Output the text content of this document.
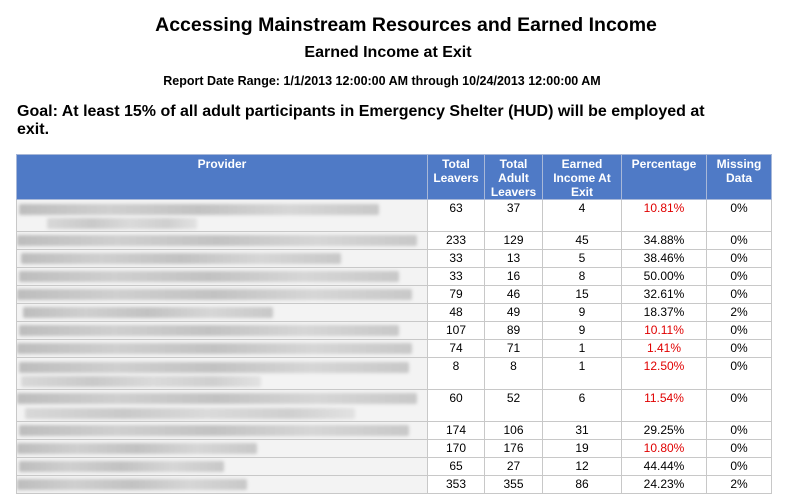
Accessing Mainstream Resources and Earned Income
Earned Income at Exit
Report Date Range: 1/1/2013 12:00:00 AM through 10/24/2013 12:00:00 AM
Goal: At least 15% of all adult participants in Emergency Shelter (HUD) will be employed at exit.
Provider	Total Leavers	Total Adult Leavers	Earned Income At Exit	Percentage	Missing Data

	63	37	4	10.81%	0%

	233	129	45	34.88%	0%

	33	13	5	38.46%	0%

	33	16	8	50.00%	0%

	79	46	15	32.61%	0%

	48	49	9	18.37%	2%

	107	89	9	10.11%	0%

	74	71	1	1.41%	0%

	8	8	1	12.50%	0%

	60	52	6	11.54%	0%

	174	106	31	29.25%	0%

	170	176	19	10.80%	0%

	65	27	12	44.44%	0%

	353	355	86	24.23%	2%
